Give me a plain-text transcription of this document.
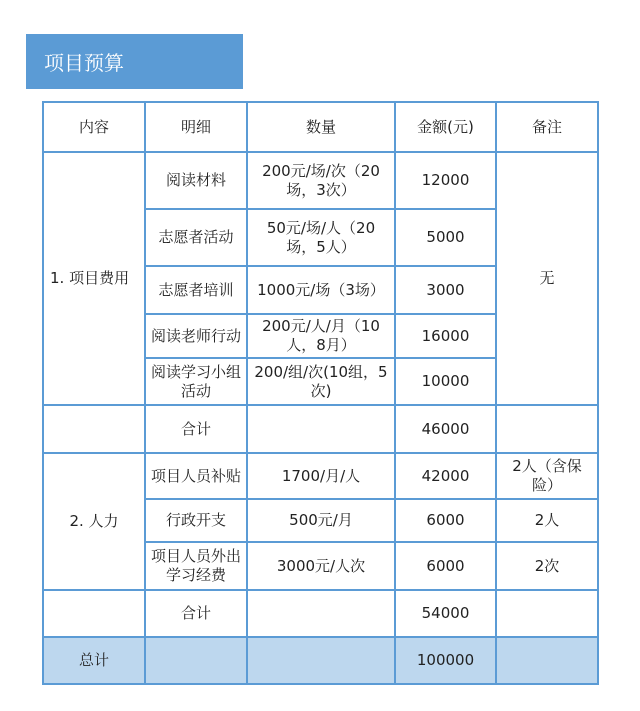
项目预算
内容	明细	数量	金额(元)	备注
1. 项目费用	阅读材料	200元/场/次（20场，3次）	12000	无
	志愿者活动	50元/场/人（20场，5人）	5000	
	志愿者培训	1000元/场（3场）	3000	
	阅读老师行动	200元/人/月（10人，8月）	16000	
	阅读学习小组活动	200/组/次(10组，5次)	10000	
	合计		46000	
2. 人力	项目人员补贴	1700/月/人	42000	2人（含保险）
	行政开支	500元/月	6000	2人
	项目人员外出学习经费	3000元/人次	6000	2次
	合计		54000	
总计			100000	
